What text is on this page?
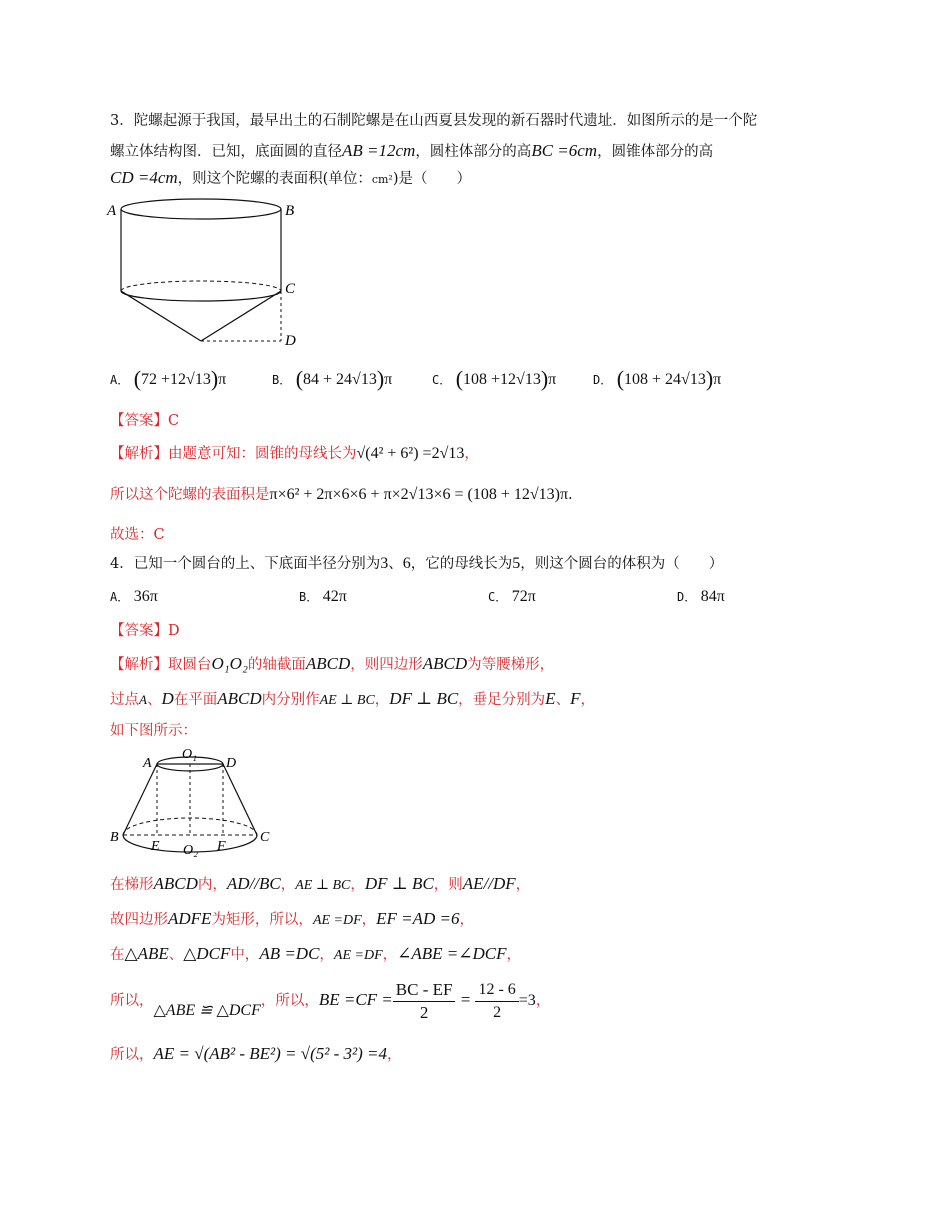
3．陀螺起源于我国，最早出土的石制陀螺是在山西夏县发现的新石器时代遗址．如图所示的是一个陀
螺立体结构图．已知，底面圆的直径AB =12cm，圆柱体部分的高BC =6cm，圆锥体部分的高
CD =4cm，则这个陀螺的表面积(单位：cm²)是（　　）
A	B
C
D
A． (72 +12√13)π	B． (84 + 24√13)π	C． (108 +12√13)π	D． (108 + 24√13)π
【答案】C
【解析】由题意可知：圆锥的母线长为√(4² + 6²) =2√13，
所以这个陀螺的表面积是π×6² + 2π×6×6 + π×2√13×6 = (108 + 12√13)π.
故选：C
4．已知一个圆台的上、下底面半径分别为3、6，它的母线长为5，则这个圆台的体积为（　　）
A． 36π	B． 42π	C． 72π	D． 84π
【答案】D
【解析】取圆台O₁O₂的轴截面ABCD，则四边形ABCD为等腰梯形，
过点A、D在平面ABCD内分别作AE ⊥ BC，DF ⊥ BC，垂足分别为E、F，
如下图所示：
A
O₁
D
B
E O₂ F
C
在梯形ABCD内，AD//BC，AE ⊥ BC，DF ⊥ BC，则AE//DF，
故四边形ADFE为矩形，所以，AE =DF，EF =AD =6，
在△ABE、△DCF中，AB =DC，AE =DF，∠ABE =∠DCF，
所以，△ABE ≌ △DCF，所以，BE $=CF = \frac{BC - EF}{2} = \frac{12 - 6}{2} =3$，
所以，AE = √(AB² - BE²) = √(5² - 3²) =4，
